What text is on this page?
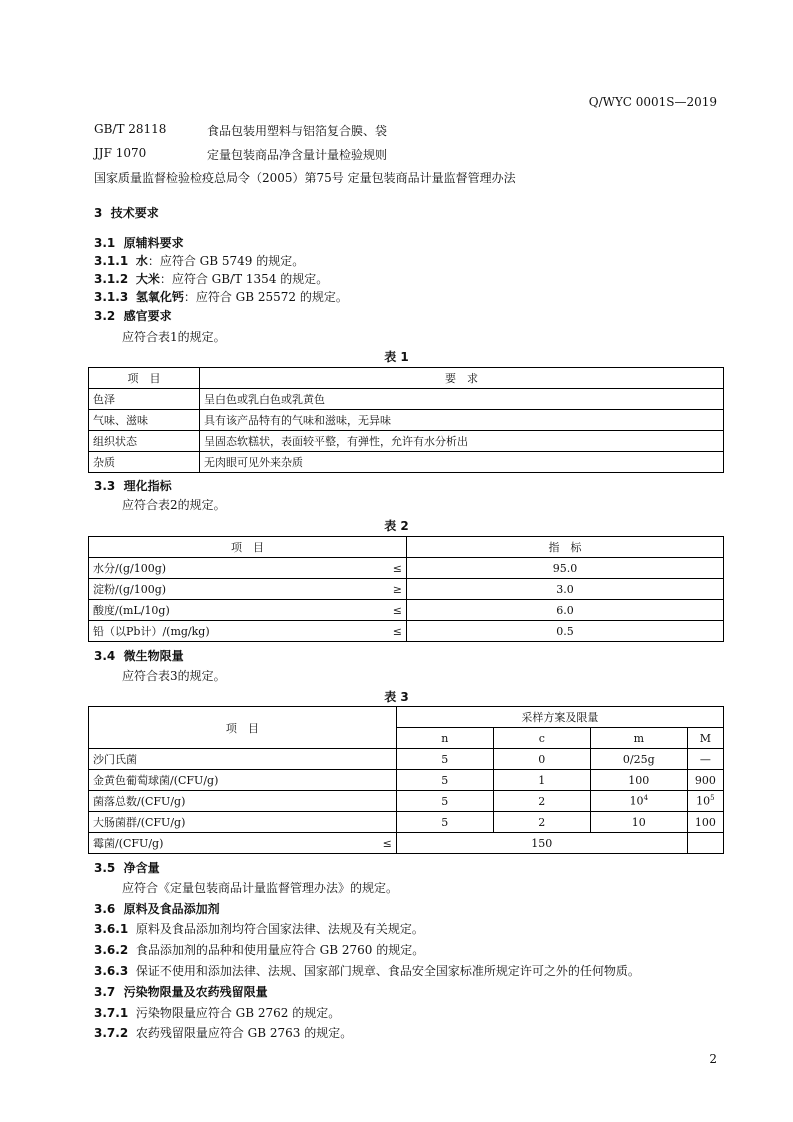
Q/WYC 0001S—2019
GB/T 28118	食品包装用塑料与铝箔复合膜、袋
JJF 1070	定量包装商品净含量计量检验规则
国家质量监督检验检疫总局令（2005）第75号 定量包装商品计量监督管理办法
3 技术要求
3.1 原辅料要求
3.1.1 水：应符合 GB 5749 的规定。
3.1.2 大米：应符合 GB/T 1354 的规定。
3.1.3 氢氧化钙：应符合 GB 25572 的规定。
3.2 感官要求
应符合表1的规定。
表 1
项　目	要　求
色泽	呈白色或乳白色或乳黄色
气味、滋味	具有该产品特有的气味和滋味，无异味
组织状态	呈固态软糕状，表面较平整，有弹性，允许有水分析出
杂质	无肉眼可见外来杂质
3.3 理化指标
应符合表2的规定。
表 2
项　目		指　标
水分/(g/100g)	≤	95.0
淀粉/(g/100g)	≥	3.0
酸度/(mL/10g)	≤	6.0
铅（以Pb计）/(mg/kg)	≤	0.5
3.4 微生物限量
应符合表3的规定。
表 3
项　目		采样方案及限量			
		n	c	m	M
沙门氏菌		5	0	0/25g	—
金黄色葡萄球菌/(CFU/g)		5	1	100	900
菌落总数/(CFU/g)		5	2	$10^4$	$10^5$
大肠菌群/(CFU/g)		5	2	10	100
霉菌/(CFU/g)	≤	150			
3.5 净含量
应符合《定量包装商品计量监督管理办法》的规定。
3.6 原料及食品添加剂
3.6.1 原料及食品添加剂均符合国家法律、法规及有关规定。
3.6.2 食品添加剂的品种和使用量应符合 GB 2760 的规定。
3.6.3 保证不使用和添加法律、法规、国家部门规章、食品安全国家标准所规定许可之外的任何物质。
3.7 污染物限量及农药残留限量
3.7.1 污染物限量应符合 GB 2762 的规定。
3.7.2 农药残留限量应符合 GB 2763 的规定。
2
